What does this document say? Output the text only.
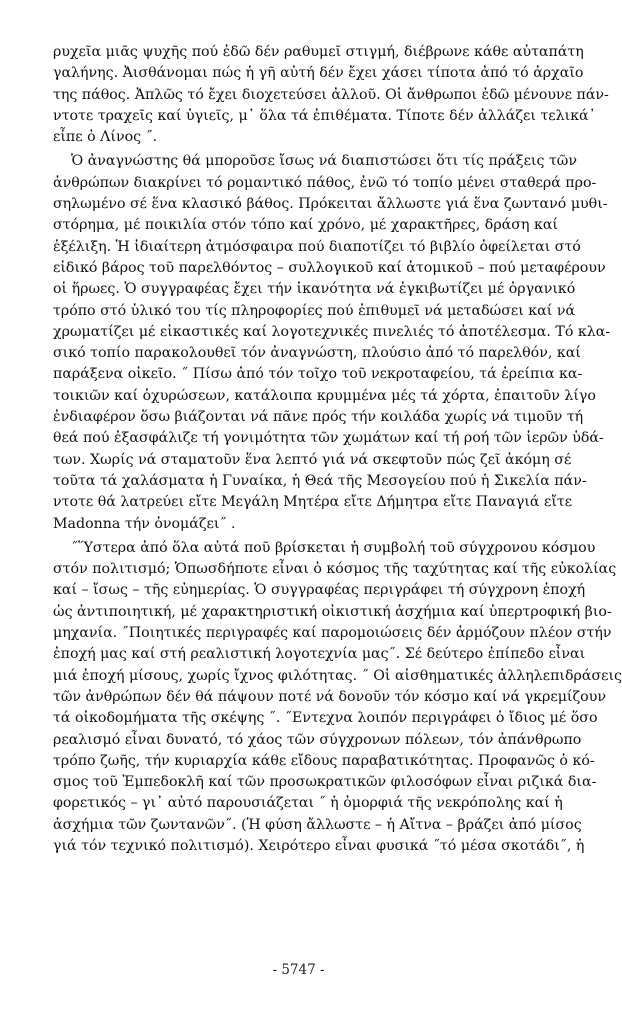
ρυχεῖα μιᾶς ψυχῆς πού ἐδῶ δέν ραθυμεῖ στιγμή, διέβρωνε κάθε αὐταπάτη
γαλήνης. Ἀισθάνομαι πώς ἡ γῆ αὐτή δέν ἔχει χάσει τίποτα ἀπό τό ἀρχαῖο
της πάθος. Ἀπλῶς τό ἔχει διοχετεύσει ἀλλοῦ. Οἱ ἄνθρωποι ἐδῶ μένουνε πάν-
ντοτε τραχεῖς καί ὑγιεῖς, μ᾿ ὅλα τά ἐπιθέματα. Τίποτε δέν ἀλλάζει τελικά᾿
εἶπε ὁ Λίνος ˝.

Ὁ ἀναγνώστης θά μποροῦσε ἴσως νά διαπιστώσει ὅτι τίς πράξεις τῶν
ἀνθρώπων διακρίνει τό ρομαντικό πάθος, ἐνῶ τό τοπίο μένει σταθερά προ-
σηλωμένο σέ ἕνα κλασικό βάθος. Πρόκειται ἄλλωστε γιά ἕνα ζωντανό μυθι-
στόρημα, μέ ποικιλία στόν τόπο καί χρόνο, μέ χαρακτῆρες, δράση καί
ἐξέλιξη. Ἡ ἰδιαίτερη ἀτμόσφαιρα πού διαποτίζει τό βιβλίο ὀφείλεται στό
εἰδικό βάρος τοῦ παρελθόντος – συλλογικοῦ καί ἀτομικοῦ – πού μεταφέρουν
οἱ ἥρωες. Ὁ συγγραφέας ἔχει τήν ἱκανότητα νά ἐγκιβωτίζει μέ ὀργανικό
τρόπο στό ὑλικό του τίς πληροφορίες πού ἐπιθυμεῖ νά μεταδώσει καί νά
χρωματίζει μέ εἰκαστικές καί λογοτεχνικές πινελιές τό ἀποτέλεσμα. Τό κλα-
σικό τοπίο παρακολουθεῖ τόν ἀναγνώστη, πλούσιο ἀπό τό παρελθόν, καί
παράξενα οἰκεῖο. ˝ Πίσω ἀπό τόν τοῖχο τοῦ νεκροταφείου, τά ἐρείπια κα-
τοικιῶν καί ὀχυρώσεων, κατάλοιπα κρυμμένα μές τά χόρτα, ἐπαιτοῦν λίγο
ἐνδιαφέρον ὅσω βιάζονται νά πᾶνε πρός τήν κοιλάδα χωρίς νά τιμοῦν τή
θεά πού ἐξασφάλιζε τή γονιμότητα τῶν χωμάτων καί τή ροή τῶν ἱερῶν ὑδά-
των. Χωρίς νά σταματοῦν ἕνα λεπτό γιά νά σκεφτοῦν πώς ζεῖ ἀκόμη σέ
τοῦτα τά χαλάσματα ἡ Γυναίκα, ἡ Θεά τῆς Μεσογείου πού ἡ Σικελία πάν-
ντοτε θά λατρεύει εἴτε Μεγάλη Μητέρα εἴτε Δήμητρα εἴτε Παναγιά εἴτε
Madonna τήν ὀνομάζει˝ .

˝Ὕστερα ἀπό ὅλα αὐτά ποῦ βρίσκεται ἡ συμβολή τοῦ σύγχρονου κόσμου
στόν πολιτισμό; Ὁπωσδήποτε εἶναι ὁ κόσμος τῆς ταχύτητας καί τῆς εὐκολίας
καί – ἴσως – τῆς εὐημερίας. Ὁ συγγραφέας περιγράφει τή σύγχρονη ἐποχή
ὡς ἀντιποιητική, μέ χαρακτηριστική οἰκιστική ἀσχήμια καί ὑπερτροφική βιο-
μηχανία. ˝Ποιητικές περιγραφές καί παρομοιώσεις δέν ἁρμόζουν πλέον στήν
ἐποχή μας καί στή ρεαλιστική λογοτεχνία μας˝. Σέ δεύτερο ἐπίπεδο εἶναι
μιά ἐποχή μίσους, χωρίς ἴχνος φιλότητας. ˝ Οἱ αἰσθηματικές ἀλληλεπιδράσεις
τῶν ἀνθρώπων δέν θά πάψουν ποτέ νά δονοῦν τόν κόσμο καί νά γκρεμίζουν
τά οἰκοδομήματα τῆς σκέψης ˝. ˝Εντεχνα λοιπόν περιγράφει ὁ ἴδιος μέ ὅσο
ρεαλισμό εἶναι δυνατό, τό χάος τῶν σύγχρονων πόλεων, τόν ἀπάνθρωπο
τρόπο ζωῆς, τήν κυριαρχία κάθε εἴδους παραβατικότητας. Προφανῶς ὁ κό-
σμος τοῦ Ἐμπεδοκλῆ καί τῶν προσωκρατικῶν φιλοσόφων εἶναι ριζικά δια-
φορετικός – γι᾿ αὐτό παρουσιάζεται ˝ ἡ ὀμορφιά τῆς νεκρόπολης καί ἡ
ἀσχήμια τῶν ζωντανῶν˝. (Ἡ φύση ἄλλωστε – ἡ Αἴτνα – βράζει ἀπό μίσος
γιά τόν τεχνικό πολιτισμό). Χειρότερο εἶναι φυσικά ˝τό μέσα σκοτάδι˝, ἡ

- 5747 -
